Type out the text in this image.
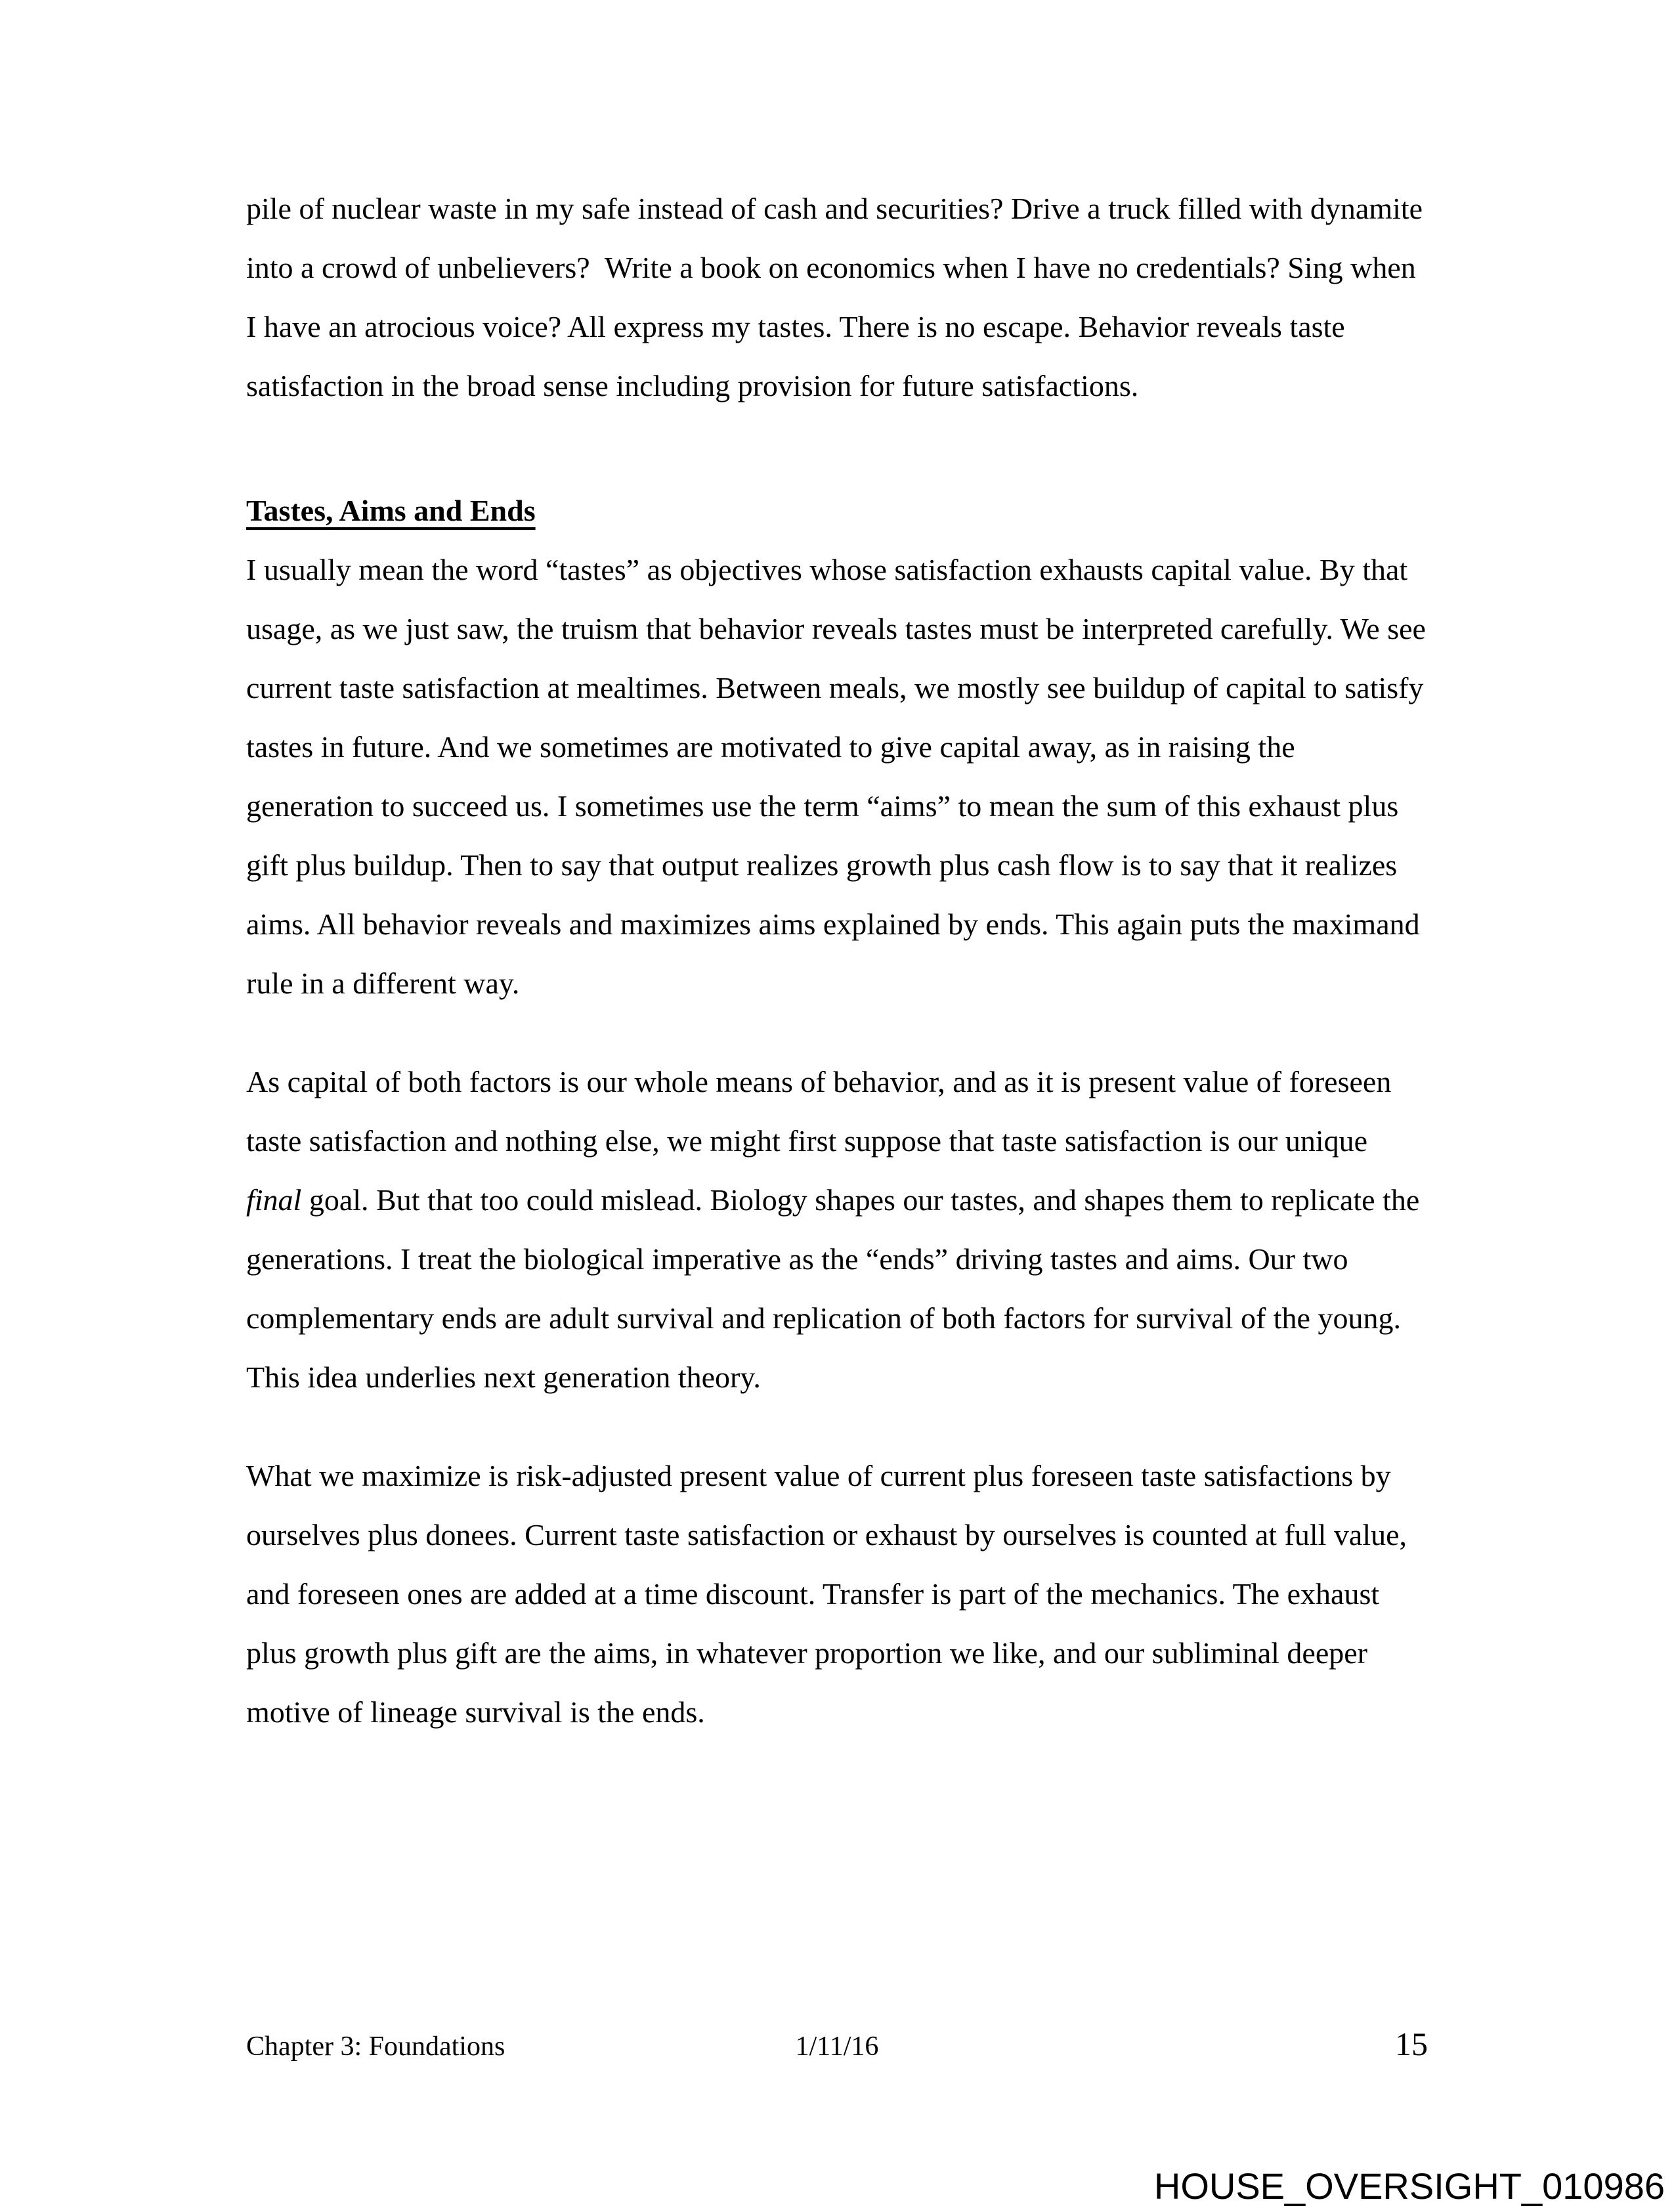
pile of nuclear waste in my safe instead of cash and securities? Drive a truck filled with dynamite into a crowd of unbelievers?  Write a book on economics when I have no credentials? Sing when I have an atrocious voice? All express my tastes. There is no escape. Behavior reveals taste satisfaction in the broad sense including provision for future satisfactions.

Tastes, Aims and Ends

I usually mean the word “tastes” as objectives whose satisfaction exhausts capital value. By that usage, as we just saw, the truism that behavior reveals tastes must be interpreted carefully. We see current taste satisfaction at mealtimes. Between meals, we mostly see buildup of capital to satisfy tastes in future. And we sometimes are motivated to give capital away, as in raising the generation to succeed us. I sometimes use the term “aims” to mean the sum of this exhaust plus gift plus buildup. Then to say that output realizes growth plus cash flow is to say that it realizes aims. All behavior reveals and maximizes aims explained by ends. This again puts the maximand rule in a different way.

As capital of both factors is our whole means of behavior, and as it is present value of foreseen taste satisfaction and nothing else, we might first suppose that taste satisfaction is our unique final goal. But that too could mislead. Biology shapes our tastes, and shapes them to replicate the generations. I treat the biological imperative as the “ends” driving tastes and aims. Our two complementary ends are adult survival and replication of both factors for survival of the young. This idea underlies next generation theory.

What we maximize is risk-adjusted present value of current plus foreseen taste satisfactions by ourselves plus donees. Current taste satisfaction or exhaust by ourselves is counted at full value, and foreseen ones are added at a time discount. Transfer is part of the mechanics. The exhaust plus growth plus gift are the aims, in whatever proportion we like, and our subliminal deeper motive of lineage survival is the ends.

Chapter 3: Foundations	1/11/16	15
HOUSE_OVERSIGHT_010986
